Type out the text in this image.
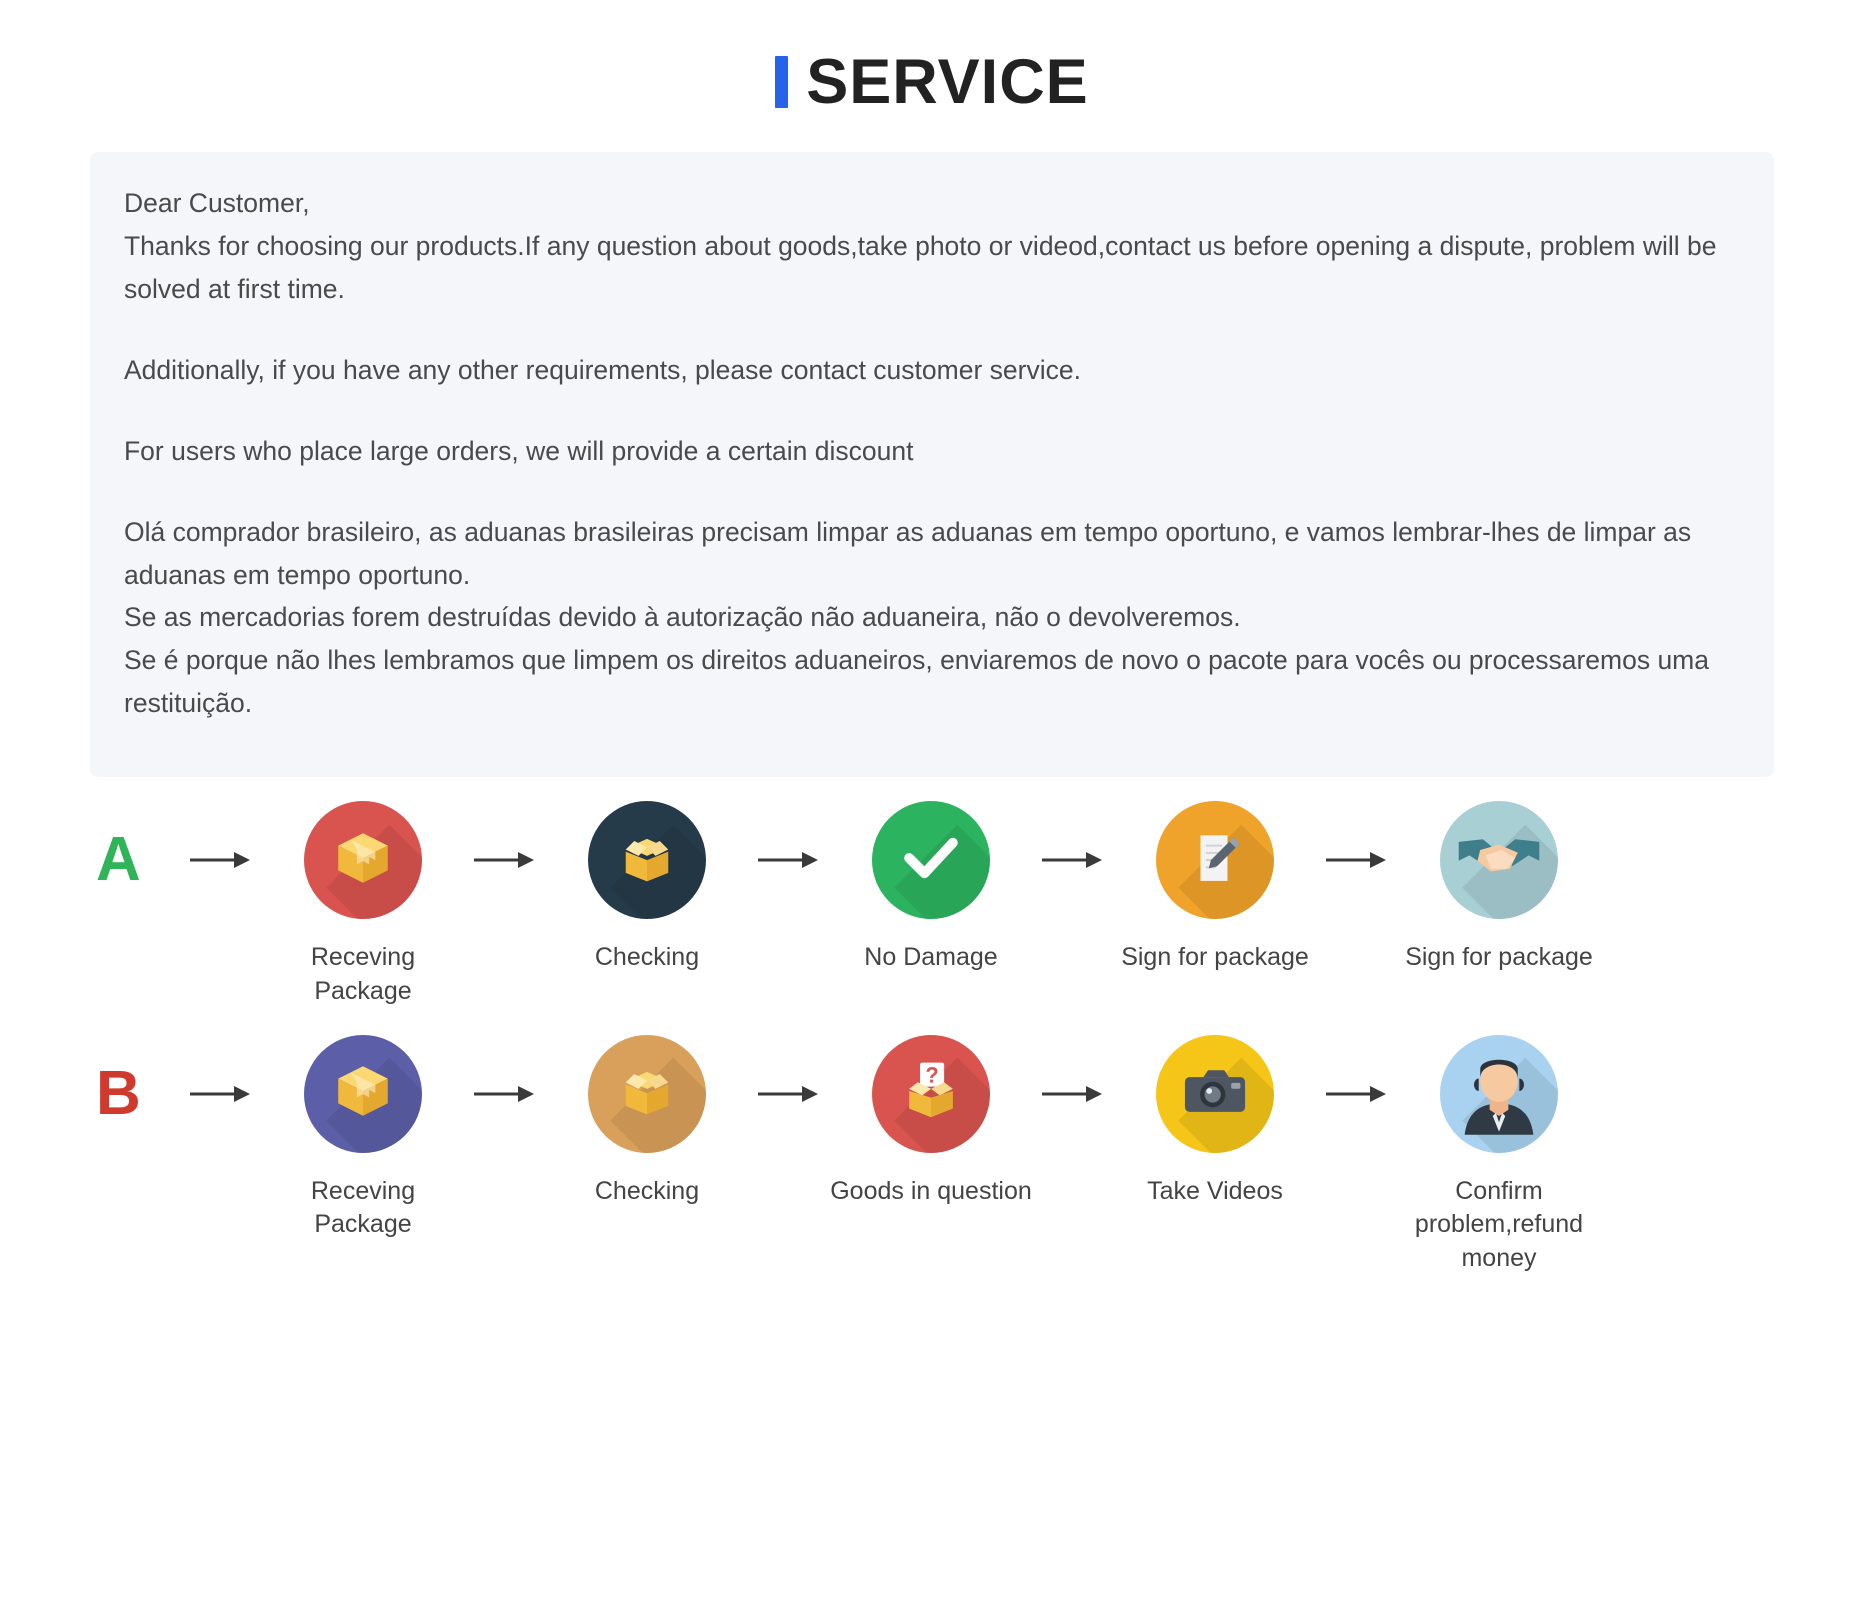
SERVICE

Dear Customer,

Thanks for choosing our products.If any question about goods,take photo or videod,contact us before opening a dispute, problem will be solved at first time.

Additionally, if you have any other requirements, please contact customer service.

For users who place large orders, we will provide a certain discount

Olá comprador brasileiro, as aduanas brasileiras precisam limpar as aduanas em tempo oportuno, e vamos lembrar-lhes de limpar as aduanas em tempo oportuno.

Se as mercadorias forem destruídas devido à autorização não aduaneira, não o devolveremos.

Se é porque não lhes lembramos que limpem os direitos aduaneiros, enviaremos de novo o pacote para vocês ou processaremos uma restituição.

A
Receving Package
Checking	No Damage	Sign for package	Sign for package
B
Receving Package
Checking
?
Goods in question	Take Videos	Confirm problem,refund money
